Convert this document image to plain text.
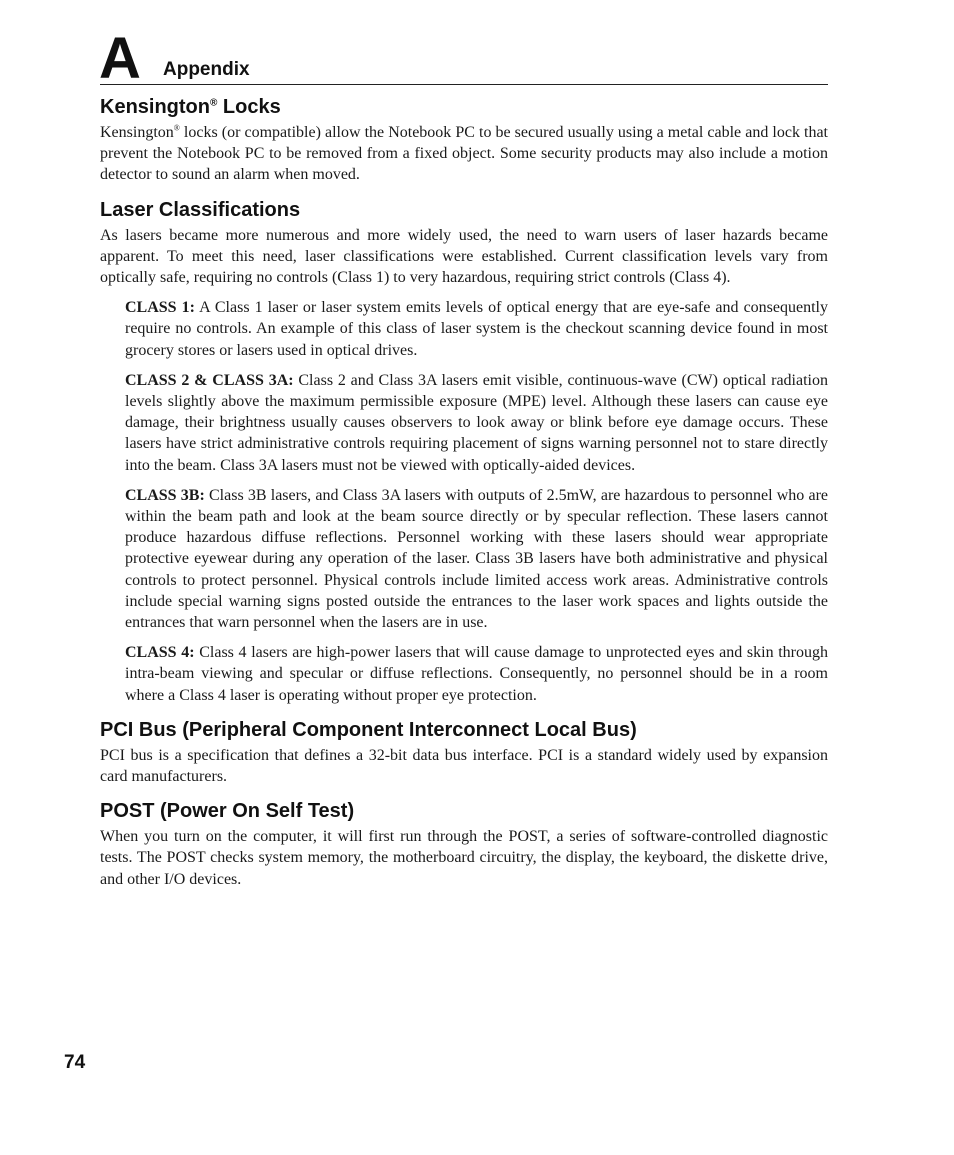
A Appendix
Kensington® Locks

Kensington® locks (or compatible) allow the Notebook PC to be secured usually using a metal cable and lock that prevent the Notebook PC to be removed from a fixed object. Some security products may also include a motion detector to sound an alarm when moved.

Laser Classifications

As lasers became more numerous and more widely used, the need to warn users of laser hazards became apparent. To meet this need, laser classifications were established. Current classification levels vary from optically safe, requiring no controls (Class 1) to very hazardous, requiring strict controls (Class 4).

CLASS 1: A Class 1 laser or laser system emits levels of optical energy that are eye-safe and consequently require no controls. An example of this class of laser system is the checkout scanning device found in most grocery stores or lasers used in optical drives.

CLASS 2 & CLASS 3A: Class 2 and Class 3A lasers emit visible, continuous-wave (CW) optical radiation levels slightly above the maximum permissible exposure (MPE) level. Although these lasers can cause eye damage, their brightness usually causes observers to look away or blink before eye damage occurs. These lasers have strict administrative controls requiring placement of signs warning personnel not to stare directly into the beam. Class 3A lasers must not be viewed with optically-aided devices.

CLASS 3B: Class 3B lasers, and Class 3A lasers with outputs of 2.5mW, are hazardous to personnel who are within the beam path and look at the beam source directly or by specular reflection. These lasers cannot produce hazardous diffuse reflections. Personnel working with these lasers should wear appropriate protective eyewear during any operation of the laser. Class 3B lasers have both administrative and physical controls to protect personnel. Physical controls include limited access work areas. Administrative controls include special warning signs posted outside the entrances to the laser work spaces and lights outside the entrances that warn personnel when the lasers are in use.

CLASS 4: Class 4 lasers are high-power lasers that will cause damage to unprotected eyes and skin through intra-beam viewing and specular or diffuse reflections. Consequently, no personnel should be in a room where a Class 4 laser is operating without proper eye protection.

PCI Bus (Peripheral Component Interconnect Local Bus)

PCI bus is a specification that defines a 32-bit data bus interface. PCI is a standard widely used by expansion card manufacturers.

POST (Power On Self Test)

When you turn on the computer, it will first run through the POST, a series of software-controlled diagnostic tests. The POST checks system memory, the motherboard circuitry, the display, the keyboard, the diskette drive, and other I/O devices.

74
